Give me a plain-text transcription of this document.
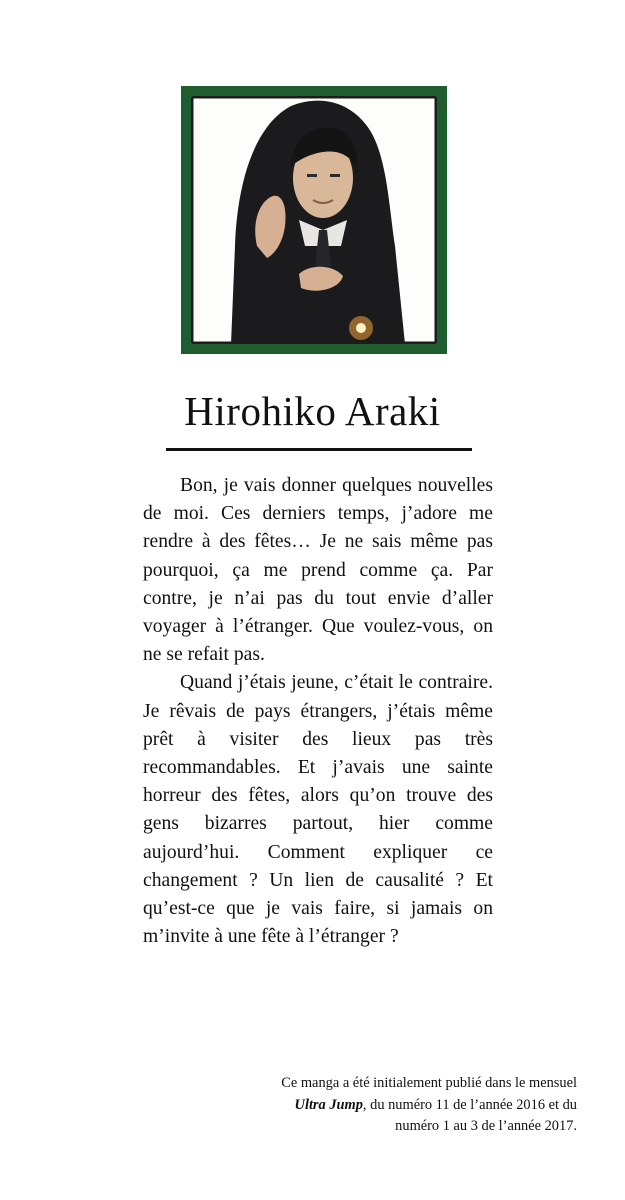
Hirohiko Araki

Bon, je vais donner quelques nouvelles de moi. Ces derniers temps, j’adore me rendre à des fêtes… Je ne sais même pas pourquoi, ça me prend comme ça. Par contre, je n’ai pas du tout envie d’aller voyager à l’étranger. Que voulez-vous, on ne se refait pas.

Quand j’étais jeune, c’était le contraire. Je rêvais de pays étrangers, j’étais même prêt à visiter des lieux pas très recommandables. Et j’avais une sainte horreur des fêtes, alors qu’on trouve des gens bizarres partout, hier comme aujourd’hui. Comment expliquer ce changement ? Un lien de causalité ? Et qu’est-ce que je vais faire, si jamais on m’invite à une fête à l’étranger ?

Ce manga a été initialement publié dans le mensuel Ultra Jump, du numéro 11 de l’année 2016 et du numéro 1 au 3 de l’année 2017.
